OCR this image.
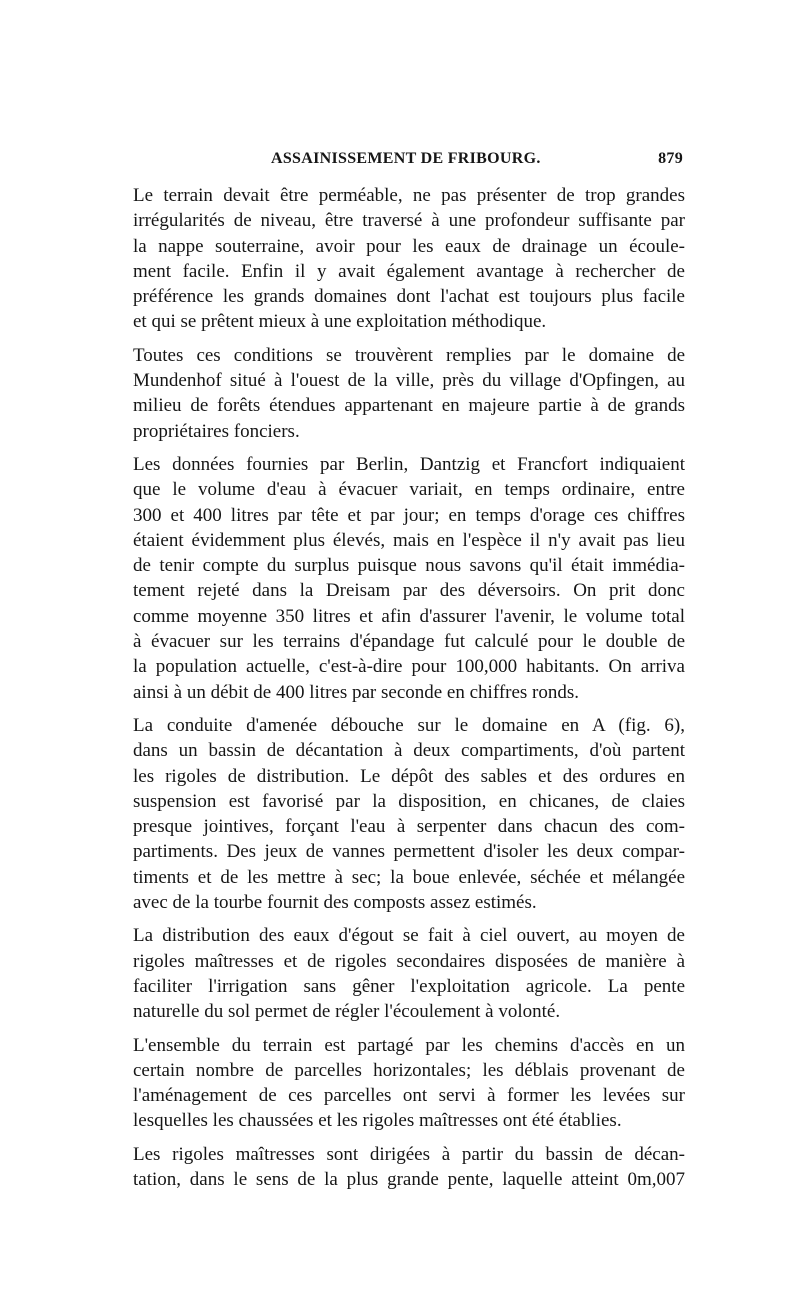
ASSAINISSEMENT DE FRIBOURG.	879

Le terrain devait être perméable, ne pas présenter de trop grandes
irrégularités de niveau, être traversé à une profondeur suffisante par
la nappe souterraine, avoir pour les eaux de drainage un écoule-
ment facile. Enfin il y avait également avantage à rechercher de
préférence les grands domaines dont l'achat est toujours plus facile
et qui se prêtent mieux à une exploitation méthodique.

Toutes ces conditions se trouvèrent remplies par le domaine de
Mundenhof situé à l'ouest de la ville, près du village d'Opfingen, au
milieu de forêts étendues appartenant en majeure partie à de grands
propriétaires fonciers.

Les données fournies par Berlin, Dantzig et Francfort indiquaient
que le volume d'eau à évacuer variait, en temps ordinaire, entre
300 et 400 litres par tête et par jour; en temps d'orage ces chiffres
étaient évidemment plus élevés, mais en l'espèce il n'y avait pas lieu
de tenir compte du surplus puisque nous savons qu'il était immédia-
tement rejeté dans la Dreisam par des déversoirs. On prit donc
comme moyenne 350 litres et afin d'assurer l'avenir, le volume total
à évacuer sur les terrains d'épandage fut calculé pour le double de
la population actuelle, c'est-à-dire pour 100,000 habitants. On arriva
ainsi à un débit de 400 litres par seconde en chiffres ronds.

La conduite d'amenée débouche sur le domaine en A (fig. 6),
dans un bassin de décantation à deux compartiments, d'où partent
les rigoles de distribution. Le dépôt des sables et des ordures en
suspension est favorisé par la disposition, en chicanes, de claies
presque jointives, forçant l'eau à serpenter dans chacun des com-
partiments. Des jeux de vannes permettent d'isoler les deux compar-
timents et de les mettre à sec; la boue enlevée, séchée et mélangée
avec de la tourbe fournit des composts assez estimés.

La distribution des eaux d'égout se fait à ciel ouvert, au moyen de
rigoles maîtresses et de rigoles secondaires disposées de manière à
faciliter l'irrigation sans gêner l'exploitation agricole. La pente
naturelle du sol permet de régler l'écoulement à volonté.

L'ensemble du terrain est partagé par les chemins d'accès en un
certain nombre de parcelles horizontales; les déblais provenant de
l'aménagement de ces parcelles ont servi à former les levées sur
lesquelles les chaussées et les rigoles maîtresses ont été établies.

Les rigoles maîtresses sont dirigées à partir du bassin de décan-
tation, dans le sens de la plus grande pente, laquelle atteint 0m,007
